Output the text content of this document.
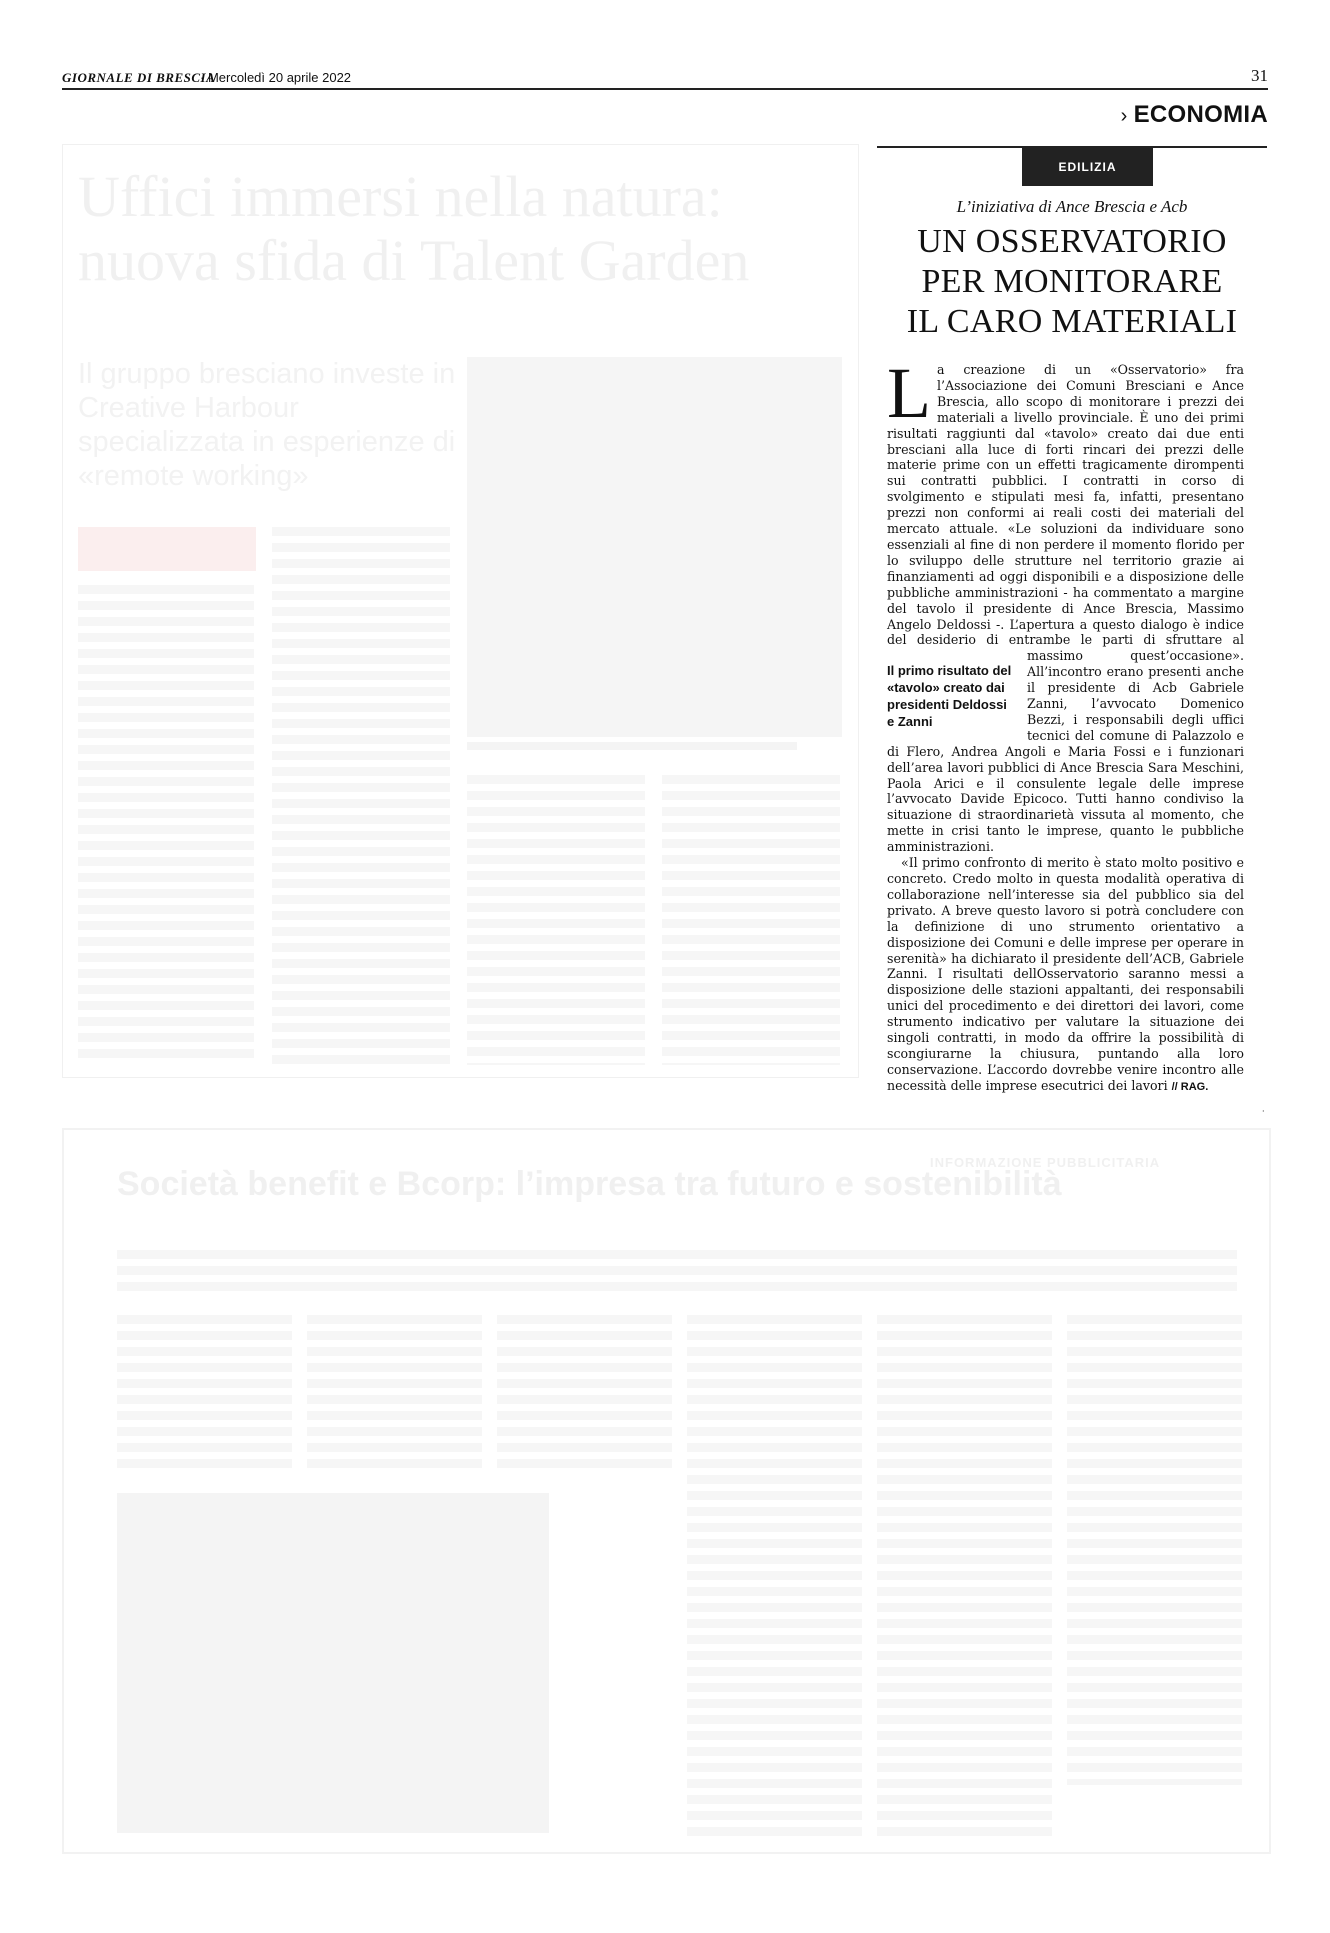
GIORNALE DI BRESCIA
· Mercoledì 20 aprile 2022	31
› ECONOMIA
Uffici immersi nella natura: nuova sfida di Talent Garden
Il gruppo bresciano investe in Creative Harbour specializzata in esperienze di «remote working»
EDILIZIA
L’iniziativa di Ance Brescia e Acb
UN OSSERVATORIO
PER MONITORARE
IL CARO MATERIALI
L a creazione di un «Osservatorio» fra l’Associazione dei Comuni Bresciani e Ance Brescia, allo scopo di monitorare i prezzi dei materiali a livello provinciale. È uno dei primi risultati raggiunti dal «tavolo» creato dai due enti bresciani alla luce di forti rincari dei prezzi delle materie prime con un effetti tragicamente dirompenti sui contratti pubblici. I contratti in corso di svolgimento e stipulati mesi fa, infatti, presentano prezzi non conformi ai reali costi dei materiali del mercato attuale. «Le soluzioni da individuare sono essenziali al fine di non perdere il momento florido per lo sviluppo delle strutture nel territorio grazie ai finanziamenti ad oggi disponibili e a disposizione delle pubbliche amministrazioni - ha commentato a margine del tavolo il presidente di Ance Brescia, Massimo Angelo Deldossi -. L’apertura a questo dialogo è indice del desiderio di entrambe le parti di
Il primo risultato del «tavolo» creato dai presidenti Deldossi e Zanni
sfruttare al massimo quest’occasione». All’incontro erano presenti anche il presidente di Acb Gabriele Zanni, l’avvocato Domenico Bezzi, i responsabili degli uffici tecnici del comune di Palazzolo e di Flero, Andrea Angoli e Maria Fossi e i funzionari dell’area lavori pubblici di Ance Brescia Sara Meschini, Paola Arici e il consulente legale delle imprese l’avvocato Davide Epicoco. Tutti hanno condiviso la situazione di straordinarietà vissuta al momento, che mette in crisi tanto le imprese, quanto le pubbliche amministrazioni.
«Il primo confronto di merito è stato molto positivo e concreto. Credo molto in questa modalità operativa di collaborazione nell’interesse sia del pubblico sia del privato. A breve questo lavoro si potrà concludere con la definizione di uno strumento orientativo a disposizione dei Comuni e delle imprese per operare in serenità» ha dichiarato il presidente dell’ACB, Gabriele Zanni. I risultati dellOsservatorio saranno messi a disposizione delle stazioni appaltanti, dei responsabili unici del procedimento e dei direttori dei lavori, come strumento indicativo per valutare la situazione dei singoli contratti, in modo da offrire la possibilità di scongiurarne la chiusura, puntando alla loro conservazione. L’accordo dovrebbe venire incontro alle necessità delle imprese esecutrici dei lavori // RAG.
·
INFORMAZIONE PUBBLICITARIA
Società benefit e Bcorp: l’impresa tra futuro e sostenibilità
